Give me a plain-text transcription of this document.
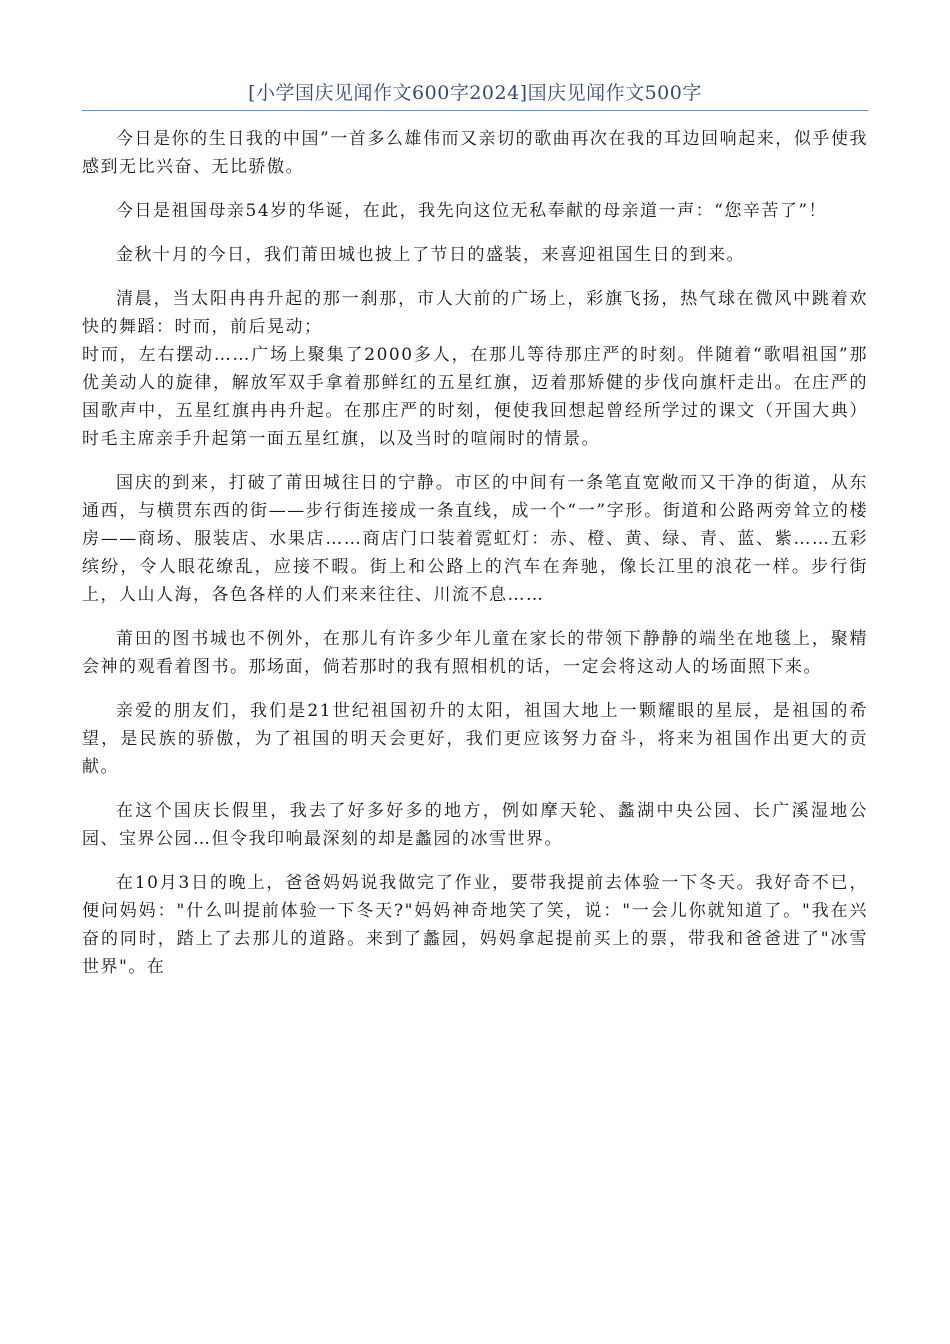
[小学国庆见闻作文600字2024]国庆见闻作文500字

今日是你的生日我的中国”一首多么雄伟而又亲切的歌曲再次在我的耳边回响起来，似乎使我感到无比兴奋、无比骄傲。

今日是祖国母亲54岁的华诞，在此，我先向这位无私奉献的母亲道一声：“您辛苦了”！

金秋十月的今日，我们莆田城也披上了节日的盛装，来喜迎祖国生日的到来。

清晨，当太阳冉冉升起的那一刹那，市人大前的广场上，彩旗飞扬，热气球在微风中跳着欢快的舞蹈：时而，前后晃动；

时而，左右摆动……广场上聚集了2000多人，在那儿等待那庄严的时刻。伴随着“歌唱祖国”那优美动人的旋律，解放军双手拿着那鲜红的五星红旗，迈着那矫健的步伐向旗杆走出。在庄严的国歌声中，五星红旗冉冉升起。在那庄严的时刻，便使我回想起曾经所学过的课文（开国大典）时毛主席亲手升起第一面五星红旗，以及当时的喧闹时的情景。

国庆的到来，打破了莆田城往日的宁静。市区的中间有一条笔直宽敞而又干净的街道，从东通西，与横贯东西的街——步行街连接成一条直线，成一个“一”字形。街道和公路两旁耸立的楼房——商场、服装店、水果店……商店门口装着霓虹灯：赤、橙、黄、绿、青、蓝、紫……五彩缤纷，令人眼花缭乱，应接不暇。街上和公路上的汽车在奔驰，像长江里的浪花一样。步行街上，人山人海，各色各样的人们来来往往、川流不息……

莆田的图书城也不例外，在那儿有许多少年儿童在家长的带领下静静的端坐在地毯上，聚精会神的观看着图书。那场面，倘若那时的我有照相机的话，一定会将这动人的场面照下来。

亲爱的朋友们，我们是21世纪祖国初升的太阳，祖国大地上一颗耀眼的星辰，是祖国的希望，是民族的骄傲，为了祖国的明天会更好，我们更应该努力奋斗，将来为祖国作出更大的贡献。

在这个国庆长假里，我去了好多好多的地方，例如摩天轮、蠡湖中央公园、长广溪湿地公园、宝界公园…但令我印响最深刻的却是蠡园的冰雪世界。

在10月3日的晚上，爸爸妈妈说我做完了作业，要带我提前去体验一下冬天。我好奇不已，便问妈妈："什么叫提前体验一下冬天?"妈妈神奇地笑了笑，说："一会儿你就知道了。"我在兴奋的同时，踏上了去那儿的道路。来到了蠡园，妈妈拿起提前买上的票，带我和爸爸进了"冰雪世界"。在
